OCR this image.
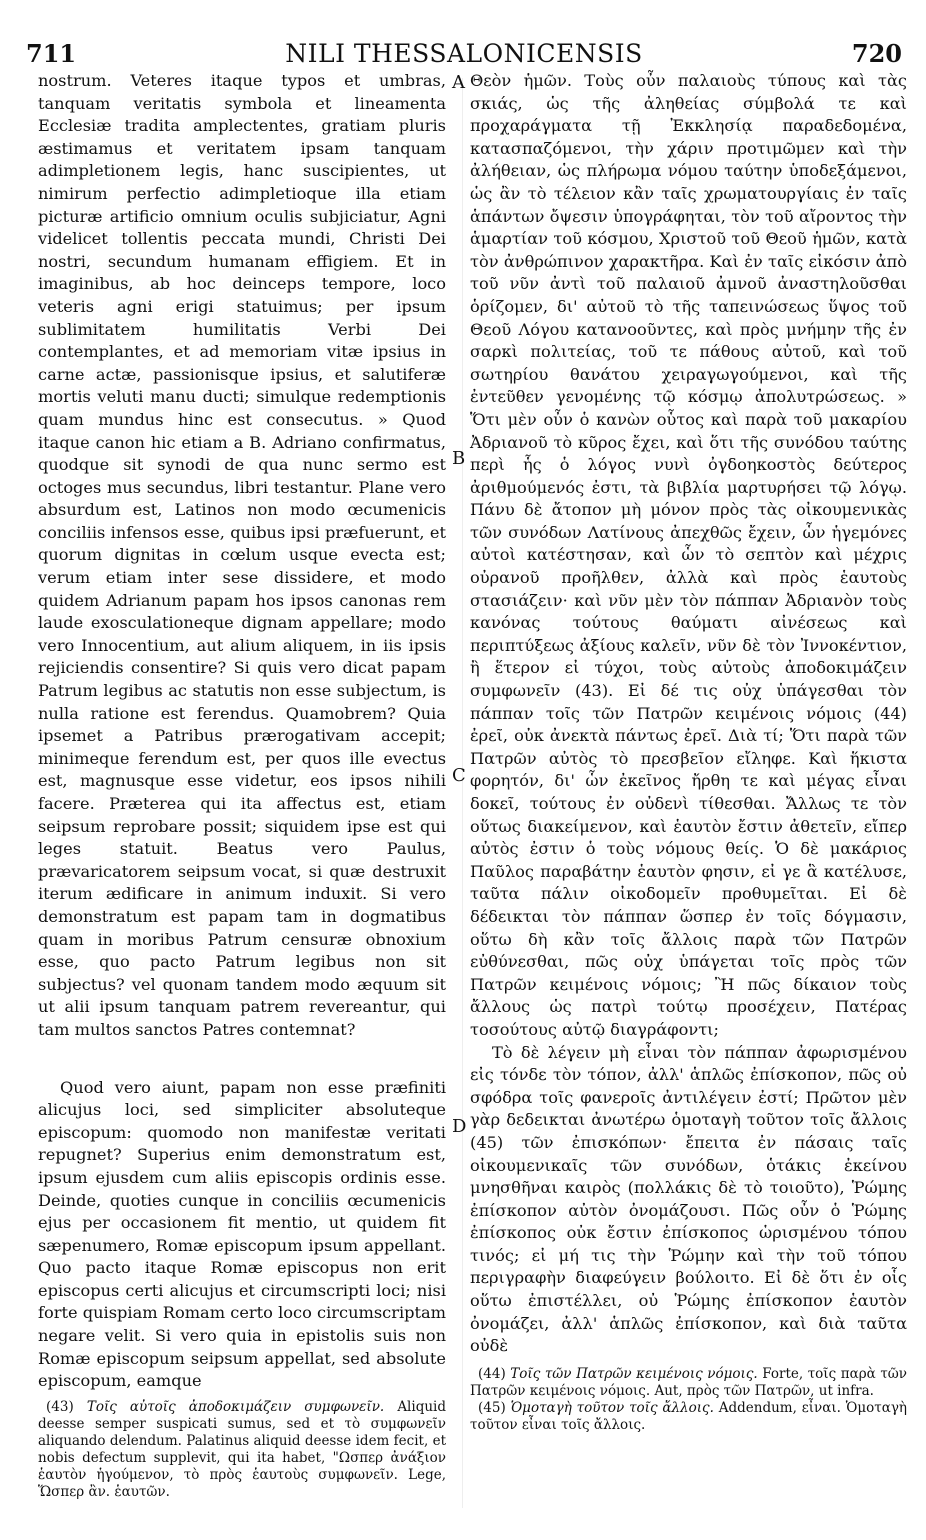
711	NILI THESSALONICENSIS	720
A
B
C
D

nostrum. Veteres itaque typos et umbras, tanquam veritatis symbola et lineamenta Ecclesiæ tradita amplectentes, gratiam pluris æstimamus et veritatem ipsam tanquam adimpletionem legis, hanc suscipientes, ut nimirum perfectio adimpletioque illa etiam picturæ artificio omnium oculis subjiciatur, Agni videlicet tollentis peccata mundi, Christi Dei nostri, secundum humanam effigiem. Et in imaginibus, ab hoc deinceps tempore, loco veteris agni erigi statuimus; per ipsum sublimitatem humilitatis Verbi Dei contemplantes, et ad memoriam vitæ ipsius in carne actæ, passionisque ipsius, et salutiferæ mortis veluti manu ducti; simulque redemptionis quam mundus hinc est consecutus. » Quod itaque canon hic etiam a B. Adriano confirmatus, quodque sit synodi de qua nunc sermo est octoges mus secundus, libri testantur. Plane vero absurdum est, Latinos non modo œcumenicis conciliis infensos esse, quibus ipsi præfuerunt, et quorum dignitas in cœlum usque evecta est; verum etiam inter sese dissidere, et modo quidem Adrianum papam hos ipsos canonas rem laude exosculationeque dignam appellare; modo vero Innocentium, aut alium aliquem, in iis ipsis rejiciendis consentire? Si quis vero dicat papam Patrum legibus ac statutis non esse subjectum, is nulla ratione est ferendus. Quamobrem? Quia ipsemet a Patribus prærogativam accepit; minimeque ferendum est, per quos ille evectus est, magnusque esse videtur, eos ipsos nihili facere. Præterea qui ita affectus est, etiam seipsum reprobare possit; siquidem ipse est qui leges statuit. Beatus vero Paulus, prævaricatorem seipsum vocat, si quæ destruxit iterum ædificare in animum induxit. Si vero demonstratum est papam tam in dogmatibus quam in moribus Patrum censuræ obnoxium esse, quo pacto Patrum legibus non sit subjectus? vel quonam tandem modo æquum sit ut alii ipsum tanquam patrem revereantur, qui tam multos sanctos Patres contemnat?

Quod vero aiunt, papam non esse præfiniti alicujus loci, sed simpliciter absoluteque episcopum: quomodo non manifestæ veritati repugnet? Superius enim demonstratum est, ipsum ejusdem cum aliis episcopis ordinis esse. Deinde, quoties cunque in conciliis œcumenicis ejus per occasionem fit mentio, ut quidem fit sæpenumero, Romæ episcopum ipsum appellant. Quo pacto itaque Romæ episcopus non erit episcopus certi alicujus et circumscripti loci; nisi forte quispiam Romam certo loco circumscriptam negare velit. Si vero quia in epistolis suis non Romæ episcopum seipsum appellat, sed absolute episcopum, eamque

(43) Τοῖς αὐτοῖς ἀποδοκιμάζειν συμφωνεῖν. Aliquid deesse semper suspicati sumus, sed et τὸ συμφωνεῖν aliquando delendum. Palatinus aliquid deesse idem fecit, et nobis defectum supplevit, qui ita habet, "Ωσπερ ἀνάξιον ἑαυτὸν ἡγούμενον, τὸ πρὸς ἑαυτοὺς συμφωνεῖν. Lege, Ὥσπερ ἂν. ἑαυτῶν.

Θεὸν ἡμῶν. Τοὺς οὖν παλαιοὺς τύπους καὶ τὰς σκιάς, ὡς τῆς ἀληθείας σύμβολά τε καὶ προχαράγματα τῇ Ἐκκλησίᾳ παραδεδομένα, κατασπαζόμενοι, τὴν χάριν προτιμῶμεν καὶ τὴν ἀλήθειαν, ὡς πλήρωμα νόμου ταύτην ὑποδεξάμενοι, ὡς ἂν τὸ τέλειον κἂν ταῖς χρωματουργίαις ἐν ταῖς ἁπάντων ὄψεσιν ὑπογράφηται, τὸν τοῦ αἴροντος τὴν ἁμαρτίαν τοῦ κόσμου, Χριστοῦ τοῦ Θεοῦ ἡμῶν, κατὰ τὸν ἀνθρώπινον χαρακτῆρα. Καὶ ἐν ταῖς εἰκόσιν ἀπὸ τοῦ νῦν ἀντὶ τοῦ παλαιοῦ ἀμνοῦ ἀναστηλοῦσθαι ὁρίζομεν, δι' αὐτοῦ τὸ τῆς ταπεινώσεως ὕψος τοῦ Θεοῦ Λόγου κατανοοῦντες, καὶ πρὸς μνήμην τῆς ἐν σαρκὶ πολιτείας, τοῦ τε πάθους αὐτοῦ, καὶ τοῦ σωτηρίου θανάτου χειραγωγούμενοι, καὶ τῆς ἐντεῦθεν γενομένης τῷ κόσμῳ ἀπολυτρώσεως. » Ὅτι μὲν οὖν ὁ κανὼν οὗτος καὶ παρὰ τοῦ μακαρίου Ἀδριανοῦ τὸ κῦρος ἔχει, καὶ ὅτι τῆς συνόδου ταύτης περὶ ἧς ὁ λόγος νυνὶ ὀγδοηκοστὸς δεύτερος ἀριθμούμενός ἐστι, τὰ βιβλία μαρτυρήσει τῷ λόγῳ. Πάνυ δὲ ἄτοπον μὴ μόνον πρὸς τὰς οἰκουμενικὰς τῶν συνόδων Λατίνους ἀπεχθῶς ἔχειν, ὧν ἡγεμόνες αὐτοὶ κατέστησαν, καὶ ὧν τὸ σεπτὸν καὶ μέχρις οὐρανοῦ προῆλθεν, ἀλλὰ καὶ πρὸς ἑαυτοὺς στασιάζειν· καὶ νῦν μὲν τὸν πάππαν Ἀδριανὸν τοὺς κανόνας τούτους θαύματι αἰνέσεως καὶ περιπτύξεως ἀξίους καλεῖν, νῦν δὲ τὸν Ἰννοκέντιον, ἢ ἕτερον εἰ τύχοι, τοὺς αὐτοὺς ἀποδοκιμάζειν συμφωνεῖν (43). Εἰ δέ τις οὐχ ὑπάγεσθαι τὸν πάππαν τοῖς τῶν Πατρῶν κειμένοις νόμοις (44) ἐρεῖ, οὐκ ἀνεκτὰ πάντως ἐρεῖ. Διὰ τί; Ὅτι παρὰ τῶν Πατρῶν αὐτὸς τὸ πρεσβεῖον εἴληφε. Καὶ ἥκιστα φορητόν, δι' ὧν ἐκεῖνος ἤρθη τε καὶ μέγας εἶναι δοκεῖ, τούτους ἐν οὐδενὶ τίθεσθαι. Ἄλλως τε τὸν οὕτως διακείμενον, καὶ ἑαυτὸν ἔστιν ἀθετεῖν, εἴπερ αὐτὸς ἐστιν ὁ τοὺς νόμους θείς. Ὁ δὲ μακάριος Παῦλος παραβάτην ἑαυτὸν φησιν, εἰ γε ἃ κατέλυσε, ταῦτα πάλιν οἰκοδομεῖν προθυμεῖται. Εἰ δὲ δέδεικται τὸν πάππαν ὥσπερ ἐν τοῖς δόγμασιν, οὕτω δὴ κἂν τοῖς ἄλλοις παρὰ τῶν Πατρῶν εὐθύνεσθαι, πῶς οὐχ ὑπάγεται τοῖς πρὸς τῶν Πατρῶν κειμένοις νόμοις; Ἢ πῶς δίκαιον τοὺς ἄλλους ὡς πατρὶ τούτῳ προσέχειν, Πατέρας τοσούτους αὐτῷ διαγράφοντι;

Τὸ δὲ λέγειν μὴ εἶναι τὸν πάππαν ἀφωρισμένου εἰς τόνδε τὸν τόπον, ἀλλ' ἁπλῶς ἐπίσκοπον, πῶς οὐ σφόδρα τοῖς φανεροῖς ἀντιλέγειν ἐστί; Πρῶτον μὲν γὰρ δεδεικται ἀνωτέρω ὁμοταγὴ τοῦτον τοῖς ἄλλοις (45) τῶν ἐπισκόπων· ἔπειτα ἐν πάσαις ταῖς οἰκουμενικαῖς τῶν συνόδων, ὁτάκις ἐκείνου μνησθῆναι καιρὸς (πολλάκις δὲ τὸ τοιοῦτο), Ῥώμης ἐπίσκοπον αὐτὸν ὀνομάζουσι. Πῶς οὖν ὁ Ῥώμης ἐπίσκοπος οὐκ ἔστιν ἐπίσκοπος ὡρισμένου τόπου τινός; εἰ μή τις τὴν Ῥώμην καὶ τὴν τοῦ τόπου περιγραφὴν διαφεύγειν βούλοιτο. Εἰ δὲ ὅτι ἐν οἷς οὕτω ἐπιστέλλει, οὐ Ῥώμης ἐπίσκοπον ἑαυτὸν ὀνομάζει, ἀλλ' ἁπλῶς ἐπίσκοπον, καὶ διὰ ταῦτα οὐδὲ

(44) Τοῖς τῶν Πατρῶν κειμένοις νόμοις. Forte, τοῖς παρὰ τῶν Πατρῶν κειμένοις νόμοις. Aut, πρὸς τῶν Πατρῶν, ut infra.

(45) Ὁμοταγὴ τοῦτον τοῖς ἄλλοις. Addendum, εἶναι. Ὁμοταγὴ τοῦτον εἶναι τοῖς ἄλλοις.
